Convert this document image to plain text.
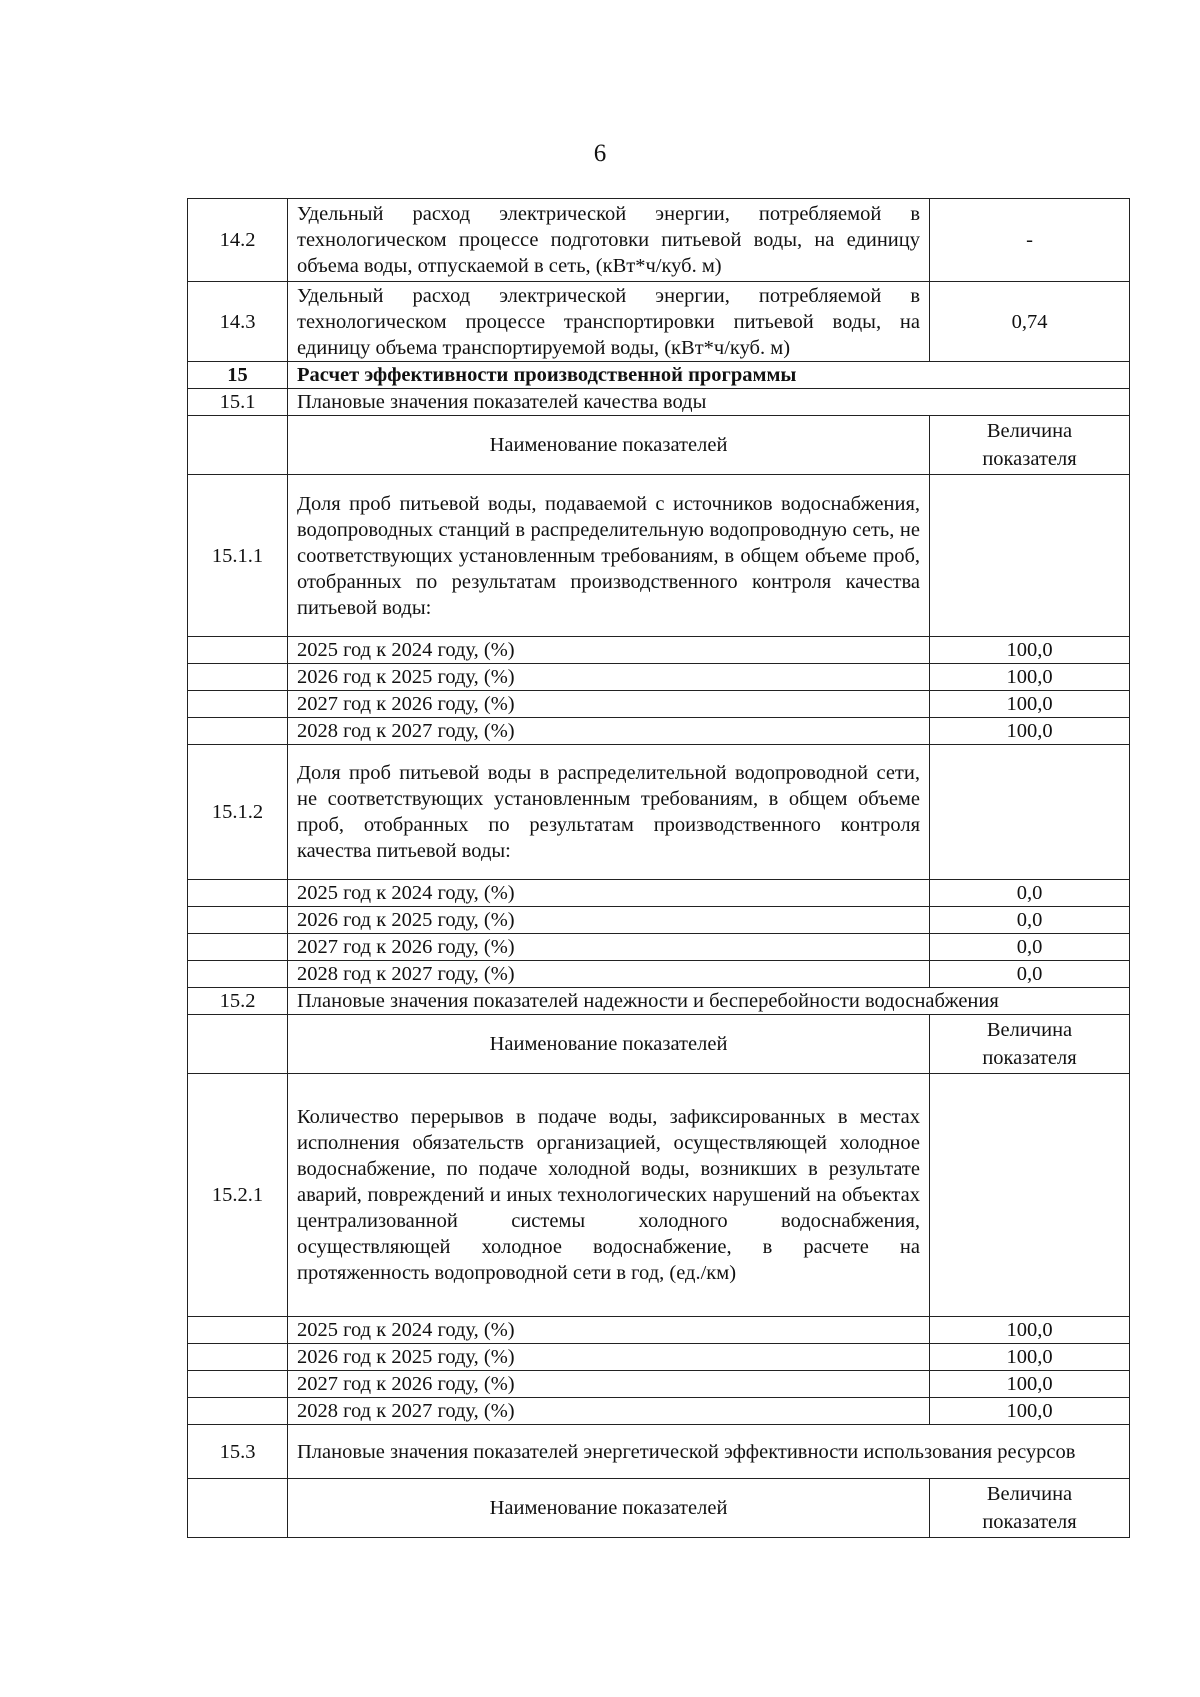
6
14.2	Удельный расход электрической энергии, потребляемой в технологическом процессе подготовки питьевой воды, на единицу объема воды, отпускаемой в сеть, (кВт*ч/куб. м)	-
14.3	Удельный расход электрической энергии, потребляемой в технологическом процессе транспортировки питьевой воды, на единицу объема транспортируемой воды, (кВт*ч/куб. м)	0,74
15	Расчет эффективности производственной программы	
15.1	Плановые значения показателей качества воды	
	Наименование показателей	Величина показателя
15.1.1	Доля проб питьевой воды, подаваемой с источников водоснабжения, водопроводных станций в распределительную водопроводную сеть, не соответствующих установленным требованиям, в общем объеме проб, отобранных по результатам производственного контроля качества питьевой воды:	
	2025 год к 2024 году, (%)	100,0
	2026 год к 2025 году, (%)	100,0
	2027 год к 2026 году, (%)	100,0
	2028 год к 2027 году, (%)	100,0
15.1.2	Доля проб питьевой воды в распределительной водопроводной сети, не соответствующих установленным требованиям, в общем объеме проб, отобранных по результатам производственного контроля качества питьевой воды:	
	2025 год к 2024 году, (%)	0,0
	2026 год к 2025 году, (%)	0,0
	2027 год к 2026 году, (%)	0,0
	2028 год к 2027 году, (%)	0,0
15.2	Плановые значения показателей надежности и бесперебойности водоснабжения	
	Наименование показателей	Величина показателя
15.2.1	Количество перерывов в подаче воды, зафиксированных в местах исполнения обязательств организацией, осуществляющей холодное водоснабжение, по подаче холодной воды, возникших в результате аварий, повреждений и иных технологических нарушений на объектах централизованной системы холодного водоснабжения, осуществляющей холодное водоснабжение, в расчете на протяженность водопроводной сети в год, (ед./км)	
	2025 год к 2024 году, (%)	100,0
	2026 год к 2025 году, (%)	100,0
	2027 год к 2026 году, (%)	100,0
	2028 год к 2027 году, (%)	100,0
15.3	Плановые значения показателей энергетической эффективности использования ресурсов	
	Наименование показателей	Величина показателя
